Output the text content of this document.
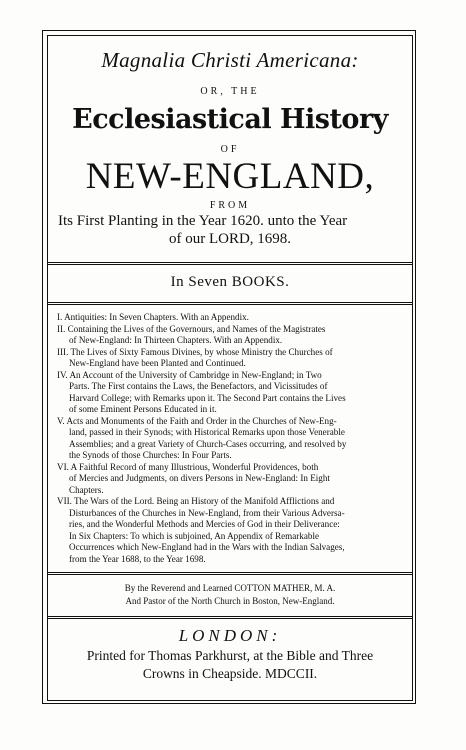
Magnalia Christi Americana:
OR, THE
Ecclesiastical History
OF
NEW-ENGLAND,
FROM
Its First Planting in the Year 1620. unto the Year
of our LORD, 1698.
In Seven BOOKS.
I. Antiquities: In Seven Chapters. With an Appendix.
II. Containing the Lives of the Governours, and Names of the Magistrates
of New-England: In Thirteen Chapters. With an Appendix.
III. The Lives of Sixty Famous Divines, by whose Ministry the Churches of
New-England have been Planted and Continued.
IV. An Account of the University of Cambridge in New-England; in Two
Parts. The First contains the Laws, the Benefactors, and Vicissitudes of
Harvard College; with Remarks upon it. The Second Part contains the Lives
of some Eminent Persons Educated in it.
V. Acts and Monuments of the Faith and Order in the Churches of New-Eng-
land, passed in their Synods; with Historical Remarks upon those Venerable
Assemblies; and a great Variety of Church-Cases occurring, and resolved by
the Synods of those Churches: In Four Parts.
VI. A Faithful Record of many Illustrious, Wonderful Providences, both
of Mercies and Judgments, on divers Persons in New-England: In Eight
Chapters.
VII. The Wars of the Lord. Being an History of the Manifold Afflictions and
Disturbances of the Churches in New-England, from their Various Adversa-
ries, and the Wonderful Methods and Mercies of God in their Deliverance:
In Six Chapters: To which is subjoined, An Appendix of Remarkable
Occurrences which New-England had in the Wars with the Indian Salvages,
from the Year 1688, to the Year 1698.
By the Reverend and Learned COTTON MATHER, M. A.
And Pastor of the North Church in Boston, New-England.
LONDON:
Printed for Thomas Parkhurst, at the Bible and Three
Crowns in Cheapside. MDCCII.
